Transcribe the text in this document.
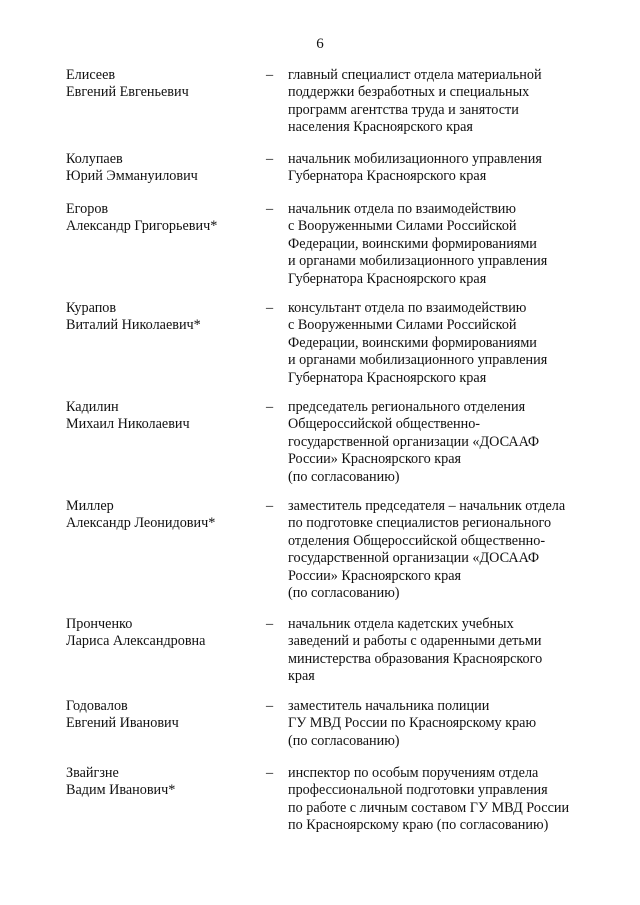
6
Елисеев
Евгений Евгеньевич
– главный специалист отдела материальной
поддержки безработных и специальных
программ агентства труда и занятости
населения Красноярского края
Колупаев
Юрий Эммануилович
– начальник мобилизационного управления
Губернатора Красноярского края
Егоров
Александр Григорьевич*
– начальник отдела по взаимодействию
с Вооруженными Силами Российской
Федерации, воинскими формированиями
и органами мобилизационного управления
Губернатора Красноярского края
Курапов
Виталий Николаевич*
– консультант отдела по взаимодействию
с Вооруженными Силами Российской
Федерации, воинскими формированиями
и органами мобилизационного управления
Губернатора Красноярского края
Кадилин
Михаил Николаевич
– председатель регионального отделения
Общероссийской общественно-
государственной организации «ДОСААФ
России» Красноярского края
(по согласованию)
Миллер
Александр Леонидович*
– заместитель председателя – начальник отдела
по подготовке специалистов регионального
отделения Общероссийской общественно-
государственной организации «ДОСААФ
России» Красноярского края
(по согласованию)
Пронченко
Лариса Александровна
– начальник отдела кадетских учебных
заведений и работы с одаренными детьми
министерства образования Красноярского
края
Годовалов
Евгений Иванович
– заместитель начальника полиции
ГУ МВД России по Красноярскому краю
(по согласованию)
Звайгзне
Вадим Иванович*
– инспектор по особым поручениям отдела
профессиональной подготовки управления
по работе с личным составом ГУ МВД России
по Красноярскому краю (по согласованию)
